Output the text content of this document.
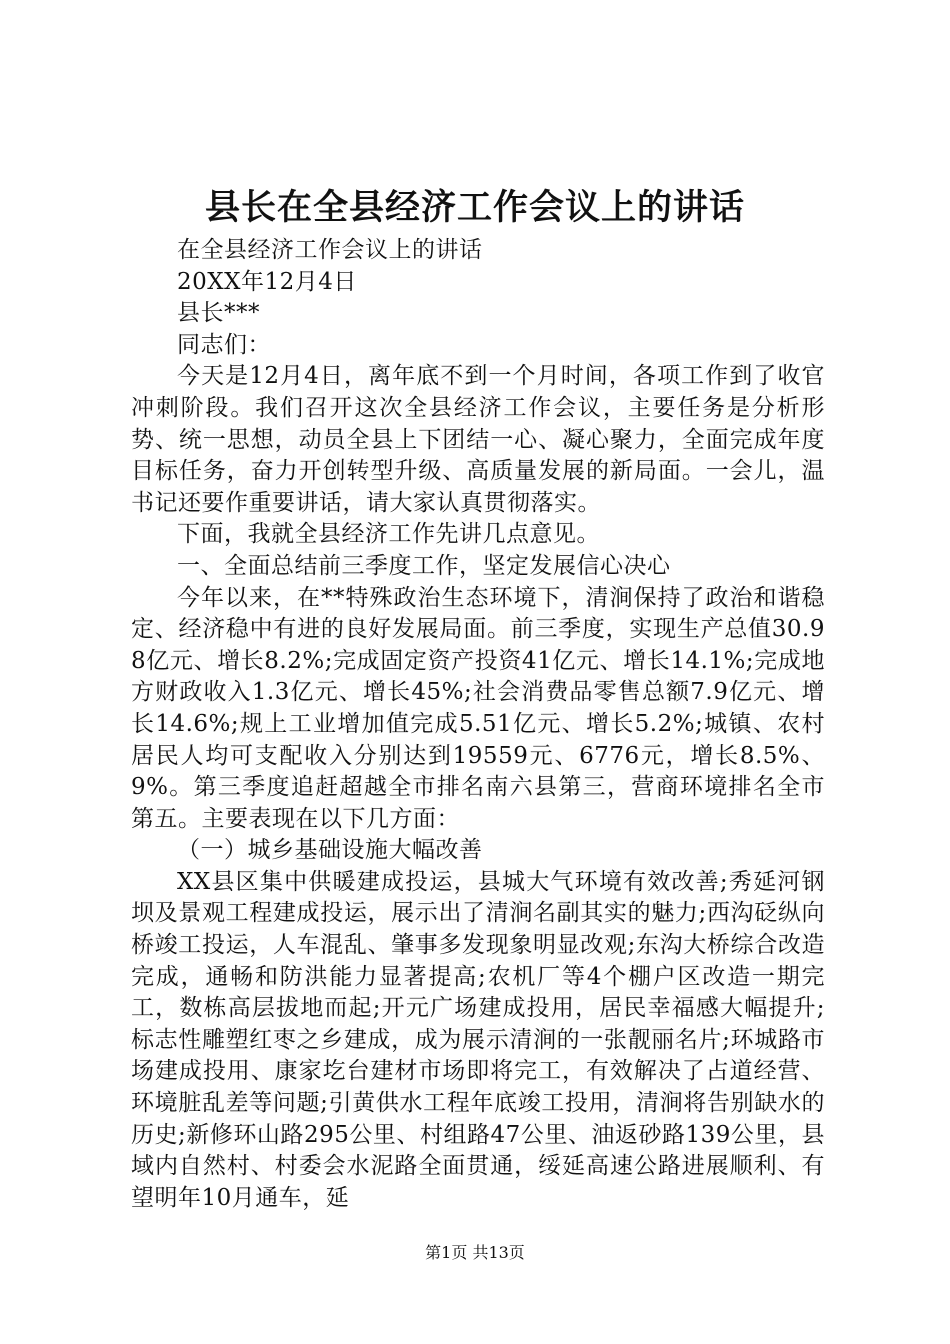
县长在全县经济工作会议上的讲话

在全县经济工作会议上的讲话

20XX年12月4日

县长***

同志们：

今天是12月4日，离年底不到一个月时间，各项工作到了收官冲刺阶段。我们召开这次全县经济工作会议，主要任务是分析形势、统一思想，动员全县上下团结一心、凝心聚力，全面完成年度目标任务，奋力开创转型升级、高质量发展的新局面。一会儿，温书记还要作重要讲话，请大家认真贯彻落实。

下面，我就全县经济工作先讲几点意见。

一、全面总结前三季度工作，坚定发展信心决心

今年以来，在**特殊政治生态环境下，清涧保持了政治和谐稳定、经济稳中有进的良好发展局面。前三季度，实现生产总值30.98亿元、增长8.2%;完成固定资产投资41亿元、增长14.1%;完成地方财政收入1.3亿元、增长45%;社会消费品零售总额7.9亿元、增长14.6%;规上工业增加值完成5.51亿元、增长5.2%;城镇、农村居民人均可支配收入分别达到19559元、6776元，增长8.5%、9%。第三季度追赶超越全市排名南六县第三，营商环境排名全市第五。主要表现在以下几方面：

（一）城乡基础设施大幅改善

XX县区集中供暖建成投运，县城大气环境有效改善;秀延河钢坝及景观工程建成投运，展示出了清涧名副其实的魅力;西沟砭纵向桥竣工投运，人车混乱、肇事多发现象明显改观;东沟大桥综合改造完成，通畅和防洪能力显著提高;农机厂等4个棚户区改造一期完工，数栋高层拔地而起;开元广场建成投用，居民幸福感大幅提升;标志性雕塑红枣之乡建成，成为展示清涧的一张靓丽名片;环城路市场建成投用、康家圪台建材市场即将完工，有效解决了占道经营、环境脏乱差等问题;引黄供水工程年底竣工投用，清涧将告别缺水的历史;新修环山路295公里、村组路47公里、油返砂路139公里，县域内自然村、村委会水泥路全面贯通，绥延高速公路进展顺利、有望明年10月通车，延

第1页 共13页
